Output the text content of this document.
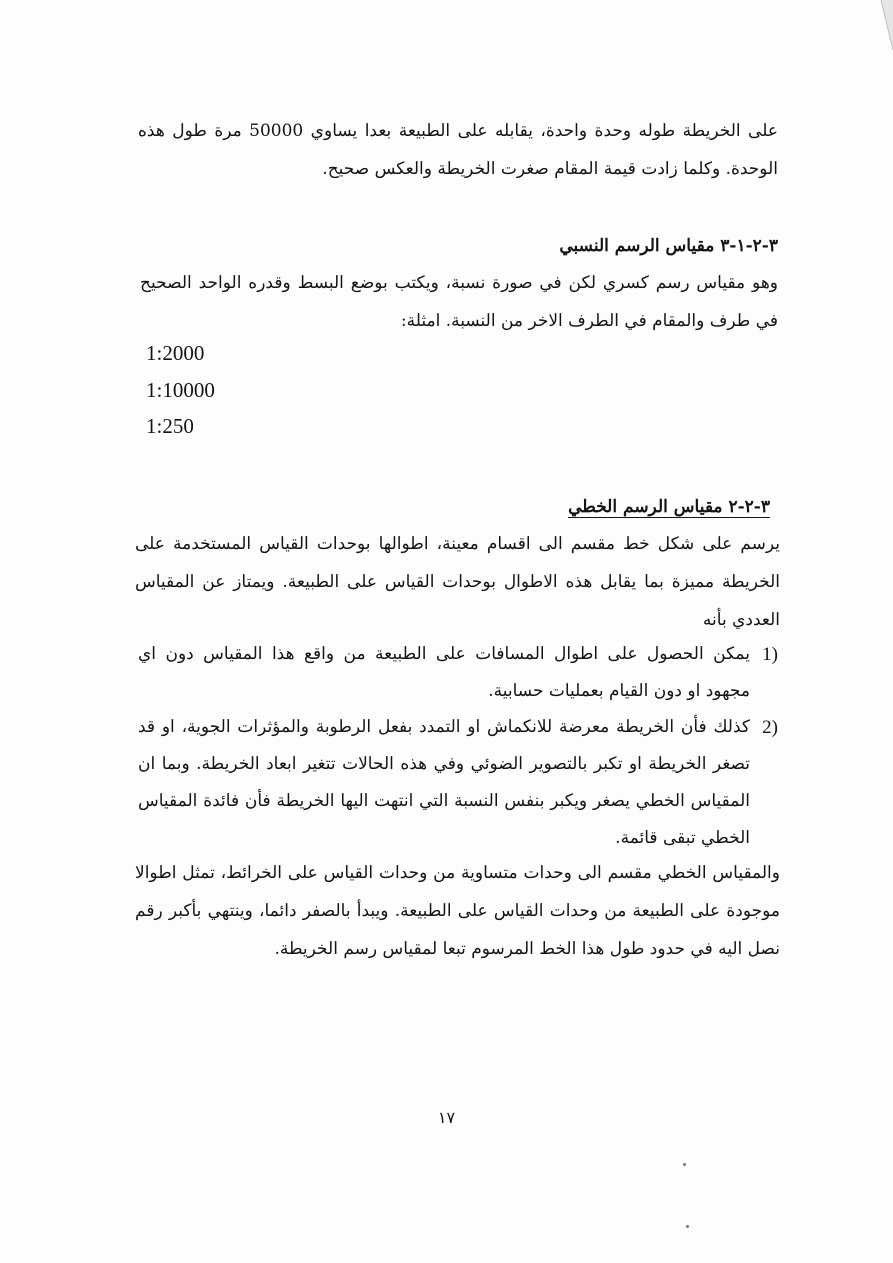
على الخريطة طوله وحدة واحدة، يقابله على الطبيعة بعدا يساوي 50000 مرة طول هذه الوحدة. وكلما زادت قيمة المقام صغرت الخريطة والعكس صحيح.

٣-٢-١-٣ مقياس الرسم النسبي

وهو مقياس رسم كسري لكن في صورة نسبة، ويكتب بوضع البسط وقدره الواحد الصحيح في طرف والمقام في الطرف الاخر من النسبة. امثلة:

1:2000
1:10000
1:250
٣-٢-٢ مقياس الرسم الخطي

يرسم على شكل خط مقسم الى اقسام معينة، اطوالها بوحدات القياس المستخدمة على الخريطة مميزة بما يقابل هذه الاطوال بوحدات القياس على الطبيعة. ويمتاز عن المقياس العددي بأنه

1)
يمكن الحصول على اطوال المسافات على الطبيعة من واقع هذا المقياس دون اي مجهود او دون القيام بعمليات حسابية.
2)
كذلك فأن الخريطة معرضة للانكماش او التمدد بفعل الرطوبة والمؤثرات الجوية، او قد تصغر الخريطة او تكبر بالتصوير الضوئي وفي هذه الحالات تتغير ابعاد الخريطة. وبما ان المقياس الخطي يصغر ويكبر بنفس النسبة التي انتهت اليها الخريطة فأن فائدة المقياس الخطي تبقى قائمة.

والمقياس الخطي مقسم الى وحدات متساوية من وحدات القياس على الخرائط، تمثل اطوالا موجودة على الطبيعة من وحدات القياس على الطبيعة. ويبدأ بالصفر دائما، وينتهي بأكبر رقم نصل اليه في حدود طول هذا الخط المرسوم تبعا لمقياس رسم الخريطة.

١٧
